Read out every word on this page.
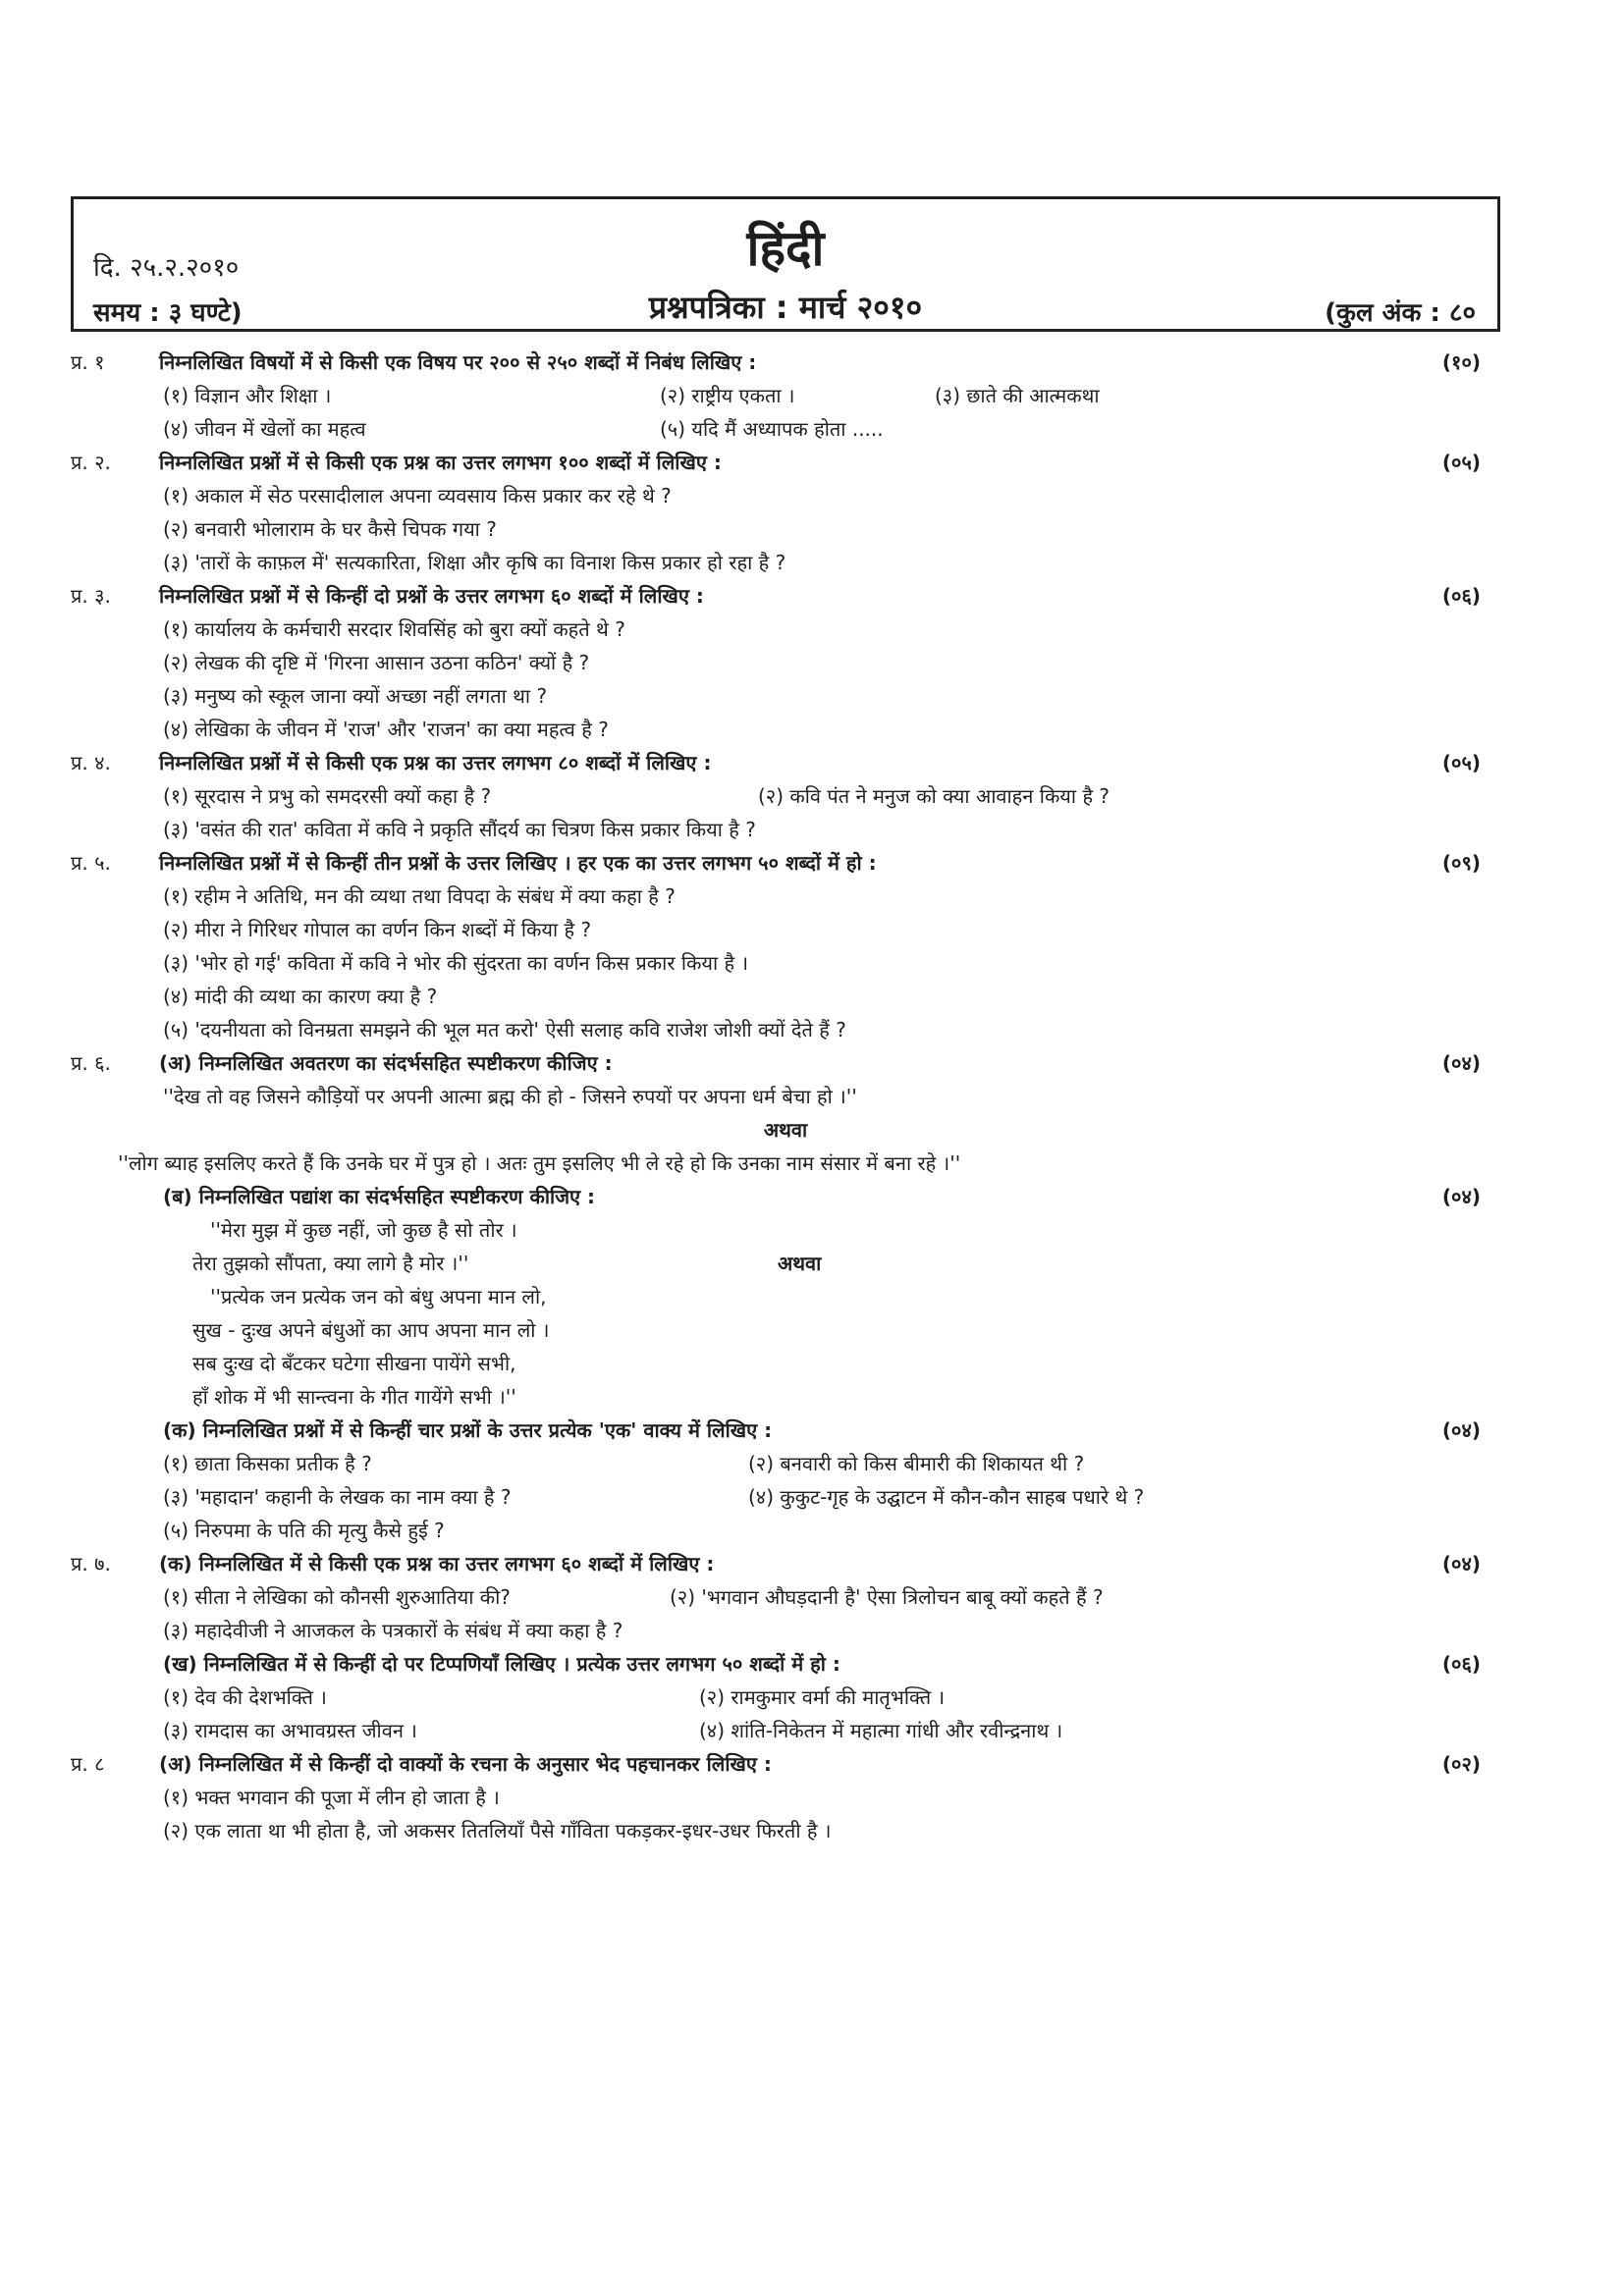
दि. २५.२.२०१०	हिंदी
समय : ३ घण्टे)	प्रश्नपत्रिका : मार्च २०१०	(कुल अंक : ८०
प्र. १	निम्नलिखित विषयों में से किसी एक विषय पर २०० से २५० शब्दों में निबंध लिखिए :	(१०)
(१) विज्ञान और शिक्षा ।	(२) राष्ट्रीय एकता ।	(३) छाते की आत्मकथा
(४) जीवन में खेलों का महत्व	(५) यदि मैं अध्यापक होता .....
प्र. २.	निम्नलिखित प्रश्नों में से किसी एक प्रश्न का उत्तर लगभग १०० शब्दों में लिखिए :	(०५)
(१) अकाल में सेठ परसादीलाल अपना व्यवसाय किस प्रकार कर रहे थे ?
(२) बनवारी भोलाराम के घर कैसे चिपक गया ?
(३) 'तारों के काफ़ल में' सत्यकारिता, शिक्षा और कृषि का विनाश किस प्रकार हो रहा है ?
प्र. ३.	निम्नलिखित प्रश्नों में से किन्हीं दो प्रश्नों के उत्तर लगभग ६० शब्दों में लिखिए :	(०६)
(१) कार्यालय के कर्मचारी सरदार शिवसिंह को बुरा क्यों कहते थे ?
(२) लेखक की दृष्टि में 'गिरना आसान उठना कठिन' क्यों है ?
(३) मनुष्य को स्कूल जाना क्यों अच्छा नहीं लगता था ?
(४) लेखिका के जीवन में 'राज' और 'राजन' का क्या महत्व है ?
प्र. ४.	निम्नलिखित प्रश्नों में से किसी एक प्रश्न का उत्तर लगभग ८० शब्दों में लिखिए :	(०५)
(१) सूरदास ने प्रभु को समदरसी क्यों कहा है ?	(२) कवि पंत ने मनुज को क्या आवाहन किया है ?
(३) 'वसंत की रात' कविता में कवि ने प्रकृति सौंदर्य का चित्रण किस प्रकार किया है ?
प्र. ५.	निम्नलिखित प्रश्नों में से किन्हीं तीन प्रश्नों के उत्तर लिखिए । हर एक का उत्तर लगभग ५० शब्दों में हो :	(०९)
(१) रहीम ने अतिथि, मन की व्यथा तथा विपदा के संबंध में क्या कहा है ?
(२) मीरा ने गिरिधर गोपाल का वर्णन किन शब्दों में किया है ?
(३) 'भोर हो गई' कविता में कवि ने भोर की सुंदरता का वर्णन किस प्रकार किया है ।
(४) मांदी की व्यथा का कारण क्या है ?
(५) 'दयनीयता को विनम्रता समझने की भूल मत करो' ऐसी सलाह कवि राजेश जोशी क्यों देते हैं ?
प्र. ६.	(अ) निम्नलिखित अवतरण का संदर्भसहित स्पष्टीकरण कीजिए :	(०४)
''देख तो वह जिसने कौड़ियों पर अपनी आत्मा ब्रह्म की हो - जिसने रुपयों पर अपना धर्म बेचा हो ।''
अथवा
''लोग ब्याह इसलिए करते हैं कि उनके घर में पुत्र हो । अतः तुम इसलिए भी ले रहे हो कि उनका नाम संसार में बना रहे ।''
(ब) निम्नलिखित पद्यांश का संदर्भसहित स्पष्टीकरण कीजिए :	(०४)
''मेरा मुझ में कुछ नहीं, जो कुछ है सो तोर ।
तेरा तुझको सौंपता, क्या लागे है मोर ।''	अथवा
''प्रत्येक जन प्रत्येक जन को बंधु अपना मान लो,
सुख - दुःख अपने बंधुओं का आप अपना मान लो ।
सब दुःख दो बँटकर घटेगा सीखना पायेंगे सभी,
हाँ शोक में भी सान्त्वना के गीत गायेंगे सभी ।''
(क) निम्नलिखित प्रश्नों में से किन्हीं चार प्रश्नों के उत्तर प्रत्येक 'एक' वाक्य में लिखिए :	(०४)
(१) छाता किसका प्रतीक है ?	(२) बनवारी को किस बीमारी की शिकायत थी ?
(३) 'महादान' कहानी के लेखक का नाम क्या है ?	(४) कुकुट-गृह के उद्घाटन में कौन-कौन साहब पधारे थे ?
(५) निरुपमा के पति की मृत्यु कैसे हुई ?
प्र. ७.	(क) निम्नलिखित में से किसी एक प्रश्न का उत्तर लगभग ६० शब्दों में लिखिए :	(०४)
(१) सीता ने लेखिका को कौनसी शुरुआतिया की?	(२) 'भगवान औघड़दानी है' ऐसा त्रिलोचन बाबू क्यों कहते हैं ?
(३) महादेवीजी ने आजकल के पत्रकारों के संबंध में क्या कहा है ?
(ख) निम्नलिखित में से किन्हीं दो पर टिप्पणियाँ लिखिए । प्रत्येक उत्तर लगभग ५० शब्दों में हो :	(०६)
(१) देव की देशभक्ति ।	(२) रामकुमार वर्मा की मातृभक्ति ।
(३) रामदास का अभावग्रस्त जीवन ।	(४) शांति-निकेतन में महात्मा गांधी और रवीन्द्रनाथ ।
प्र. ८	(अ) निम्नलिखित में से किन्हीं दो वाक्यों के रचना के अनुसार भेद पहचानकर लिखिए :	(०२)
(१) भक्त भगवान की पूजा में लीन हो जाता है ।
(२) एक लाता था भी होता है, जो अकसर तितलियाँ पैसे गाँविता पकड़कर-इधर-उधर फिरती है ।
